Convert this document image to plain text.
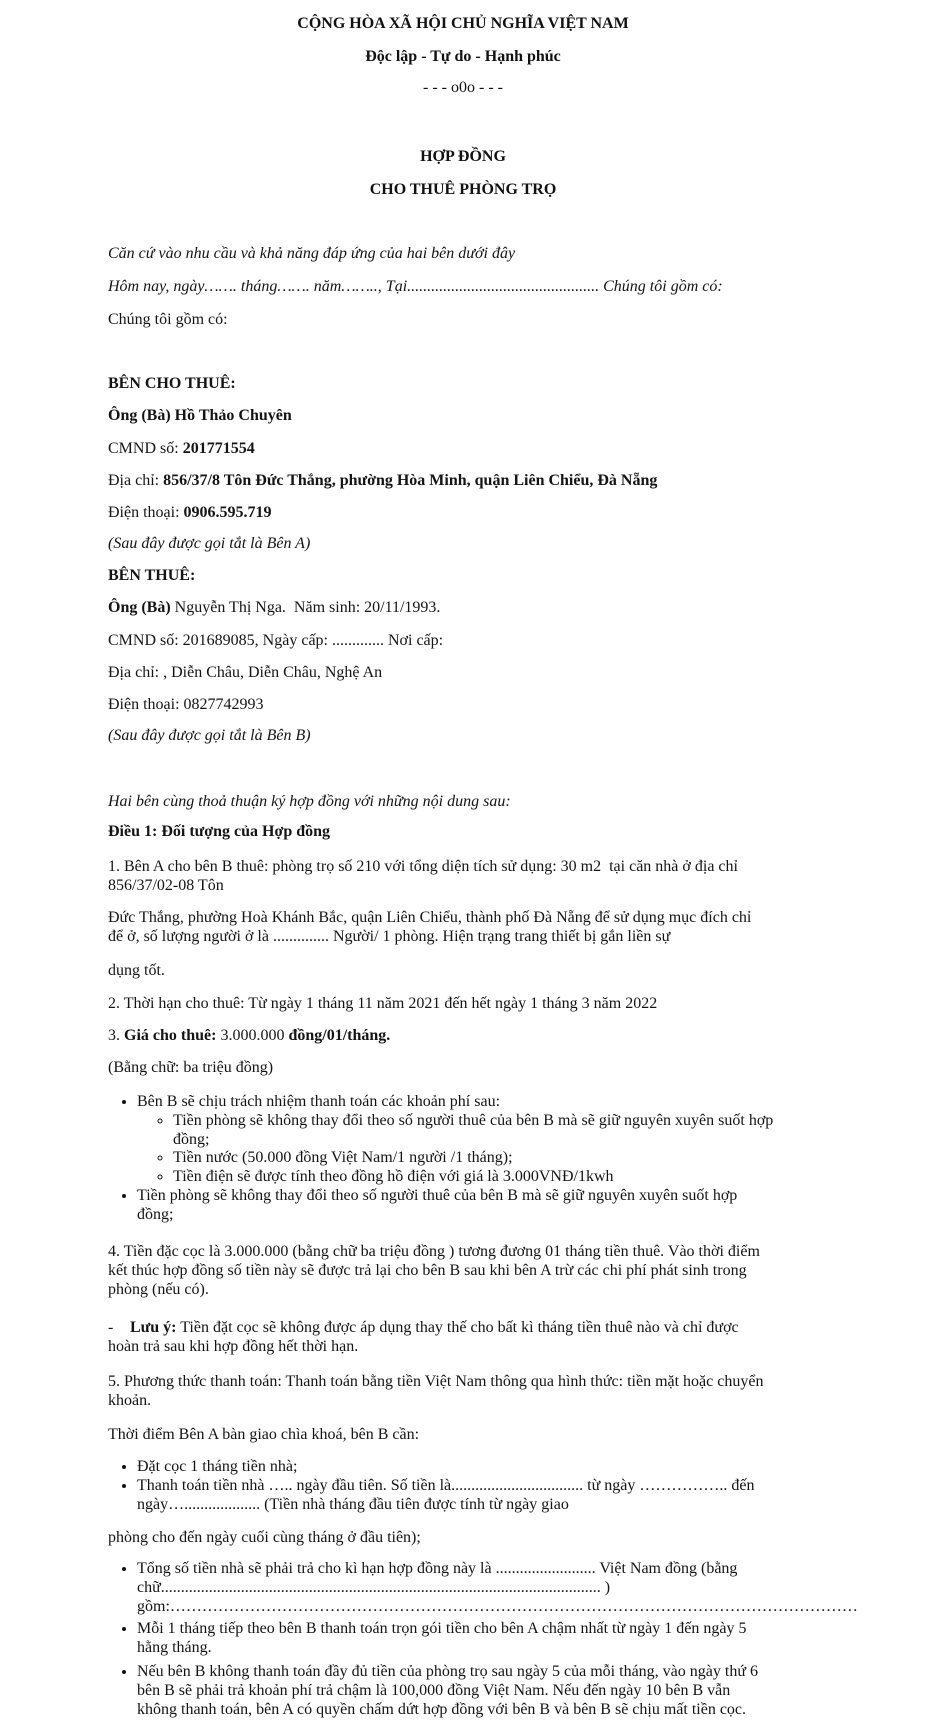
CỘNG HÒA XÃ HỘI CHỦ NGHĨA VIỆT NAM
Độc lập - Tự do - Hạnh phúc
- - - o0o - - -
HỢP ĐỒNG
CHO THUÊ PHÒNG TRỌ
Căn cứ vào nhu cầu và khả năng đáp ứng của hai bên dưới đây
Hôm nay, ngày……. tháng……. năm…….., Tại................................................ Chúng tôi gồm có:
Chúng tôi gồm có:
BÊN CHO THUÊ:
Ông (Bà) Hồ Thảo Chuyên
CMND số: 201771554
Địa chỉ: 856/37/8 Tôn Đức Thắng, phường Hòa Minh, quận Liên Chiểu, Đà Nẵng
Điện thoại: 0906.595.719
(Sau đây được gọi tắt là Bên A)
BÊN THUÊ:
Ông (Bà) Nguyễn Thị Nga.  Năm sinh: 20/11/1993.
CMND số: 201689085, Ngày cấp: ............. Nơi cấp:
Địa chỉ: , Diễn Châu, Diễn Châu, Nghệ An
Điện thoại: 0827742993
(Sau đây được gọi tắt là Bên B)
Hai bên cùng thoả thuận ký hợp đồng với những nội dung sau:
Điều 1: Đối tượng của Hợp đồng
1. Bên A cho bên B thuê: phòng trọ số 210 với tổng diện tích sử dụng: 30 m2  tại căn nhà ở địa chỉ
856/37/02-08 Tôn
Đức Thắng, phường Hoà Khánh Bắc, quận Liên Chiểu, thành phố Đà Nẵng để sử dụng mục đích chỉ
để ở, số lượng người ở là .............. Người/ 1 phòng. Hiện trạng trang thiết bị gắn liền sự
dụng tốt.
2. Thời hạn cho thuê: Từ ngày 1 tháng 11 năm 2021 đến hết ngày 1 tháng 3 năm 2022
3. Giá cho thuê: 3.000.000 đồng/01/tháng.
(Bằng chữ: ba triệu đồng)
• Bên B sẽ chịu trách nhiệm thanh toán các khoản phí sau:
◦ Tiền phòng sẽ không thay đổi theo số người thuê của bên B mà sẽ giữ nguyên xuyên suốt hợp
đồng;
◦ Tiền nước (50.000 đồng Việt Nam/1 người /1 tháng);
◦ Tiền điện sẽ được tính theo đồng hồ điện với giá là 3.000VNĐ/1kwh
• Tiền phòng sẽ không thay đổi theo số người thuê của bên B mà sẽ giữ nguyên xuyên suốt hợp
đồng;
4. Tiền đặc cọc là 3.000.000 (bằng chữ ba triệu đồng ) tương đương 01 tháng tiền thuê. Vào thời điểm
kết thúc hợp đồng số tiền này sẽ được trả lại cho bên B sau khi bên A trừ các chi phí phát sinh trong
phòng (nếu có).
- Lưu ý: Tiền đặt cọc sẽ không được áp dụng thay thế cho bất kì tháng tiền thuê nào và chỉ được
hoàn trả sau khi hợp đồng hết thời hạn.
5. Phương thức thanh toán: Thanh toán bằng tiền Việt Nam thông qua hình thức: tiền mặt hoặc chuyển
khoản.
Thời điểm Bên A bàn giao chìa khoá, bên B cần:
• Đặt cọc 1 tháng tiền nhà;
• Thanh toán tiền nhà ….. ngày đầu tiên. Số tiền là................................. từ ngày …………….. đến
ngày…................... (Tiền nhà tháng đầu tiên được tính từ ngày giao
phòng cho đến ngày cuối cùng tháng ở đầu tiên);
• Tổng số tiền nhà sẽ phải trả cho kì hạn hợp đồng này là ......................... Việt Nam đồng (bằng
chữ.............................................................................................................. )
gồm:…………………………………………………………………………………………………………………
• Mỗi 1 tháng tiếp theo bên B thanh toán trọn gói tiền cho bên A chậm nhất từ ngày 1 đến ngày 5
hằng tháng.
• Nếu bên B không thanh toán đầy đủ tiền của phòng trọ sau ngày 5 của mỗi tháng, vào ngày thứ 6
bên B sẽ phải trả khoản phí trả chậm là 100,000 đồng Việt Nam. Nếu đến ngày 10 bên B vẫn
không thanh toán, bên A có quyền chấm dứt hợp đồng với bên B và bên B sẽ chịu mất tiền cọc.
